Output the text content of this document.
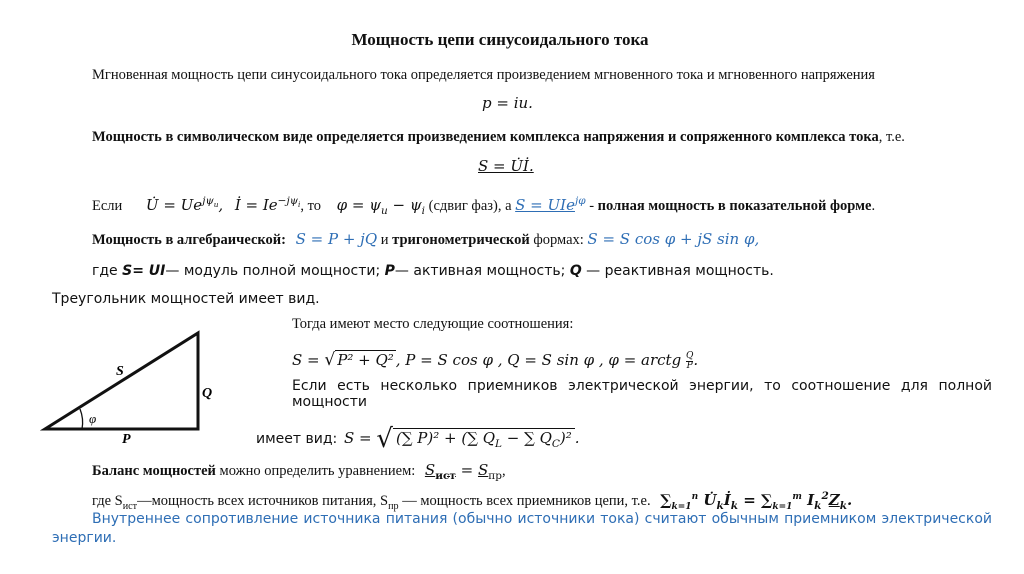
Мощность цепи синусоидального тока
Мгновенная мощность цепи синусоидального тока определяется произведением мгновенного тока и мгновенного напряжения
p = iu.
Мощность в символическом виде определяется произведением комплекса напряжения и сопряженного комплекса тока, т.е.
S = U̇İ.
Если U̇ = $Ue^{j\psi_u}$, İ = $Ie^{-j\psi_i}$, то $\varphi = \psi_u - \psi_i$ (сдвиг фаз), а S = UIe$^{j\varphi}$ - полная мощность в показательной форме.
Мощность в алгебраической: S = P + jQ и тригонометрической формах: S = S cos φ + jS sin φ,
где S= UI— модуль полной мощности; P— активная мощность; Q — реактивная мощность.
Треугольник мощностей имеет вид.
S
Q
P
φ
Тогда имеют место следующие соотношения:
S = √ P² + Q² , P = S cos φ , Q = S sin φ , φ = arctg $\frac{Q}{P}$ .
Если есть несколько приемников электрической энергии, то соотношение для полной мощности
имеет вид: S = √ (∑ P)² + (∑ $Q_L$ − ∑ $Q_C)^2$ .
Баланс мощностей можно определить уравнением: $S_{ист} = S_{пр}$,
где $S_{ист}—мощность$ всех источников питания, $S_{пр}$ — мощность всех приемников цепи, т.е. $\sum_{k=1}^n$ $U̇_kİ_k = \sum_{k=1}^m$ $I_k^2Z_k$.
Внутреннее сопротивление источника питания (обычно источники тока) считают обычным приемником электрической
энергии.
